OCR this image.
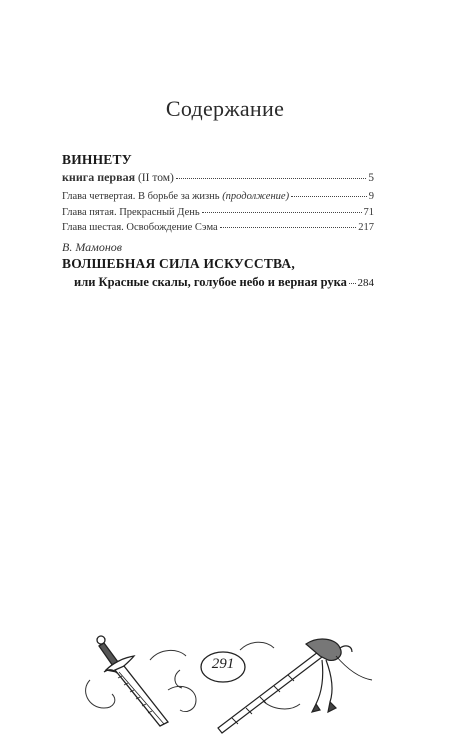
Содержание
ВИННЕТУ
книга первая (II том)	5
Глава четвертая. В борьбе за жизнь (продолжение)	9
Глава пятая. Прекрасный День	71
Глава шестая. Освобождение Сэма	217
В. Мамонов
ВОЛШЕБНАЯ СИЛА ИСКУССТВА,
или Красные скалы, голубое небо и верная рука 284
291
